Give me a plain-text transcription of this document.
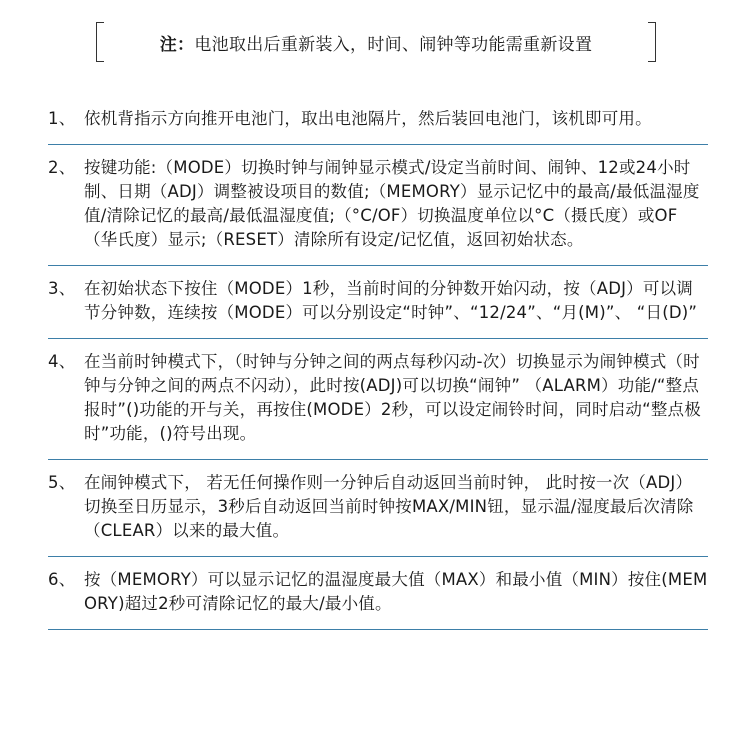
注：电池取出后重新装入，时间、闹钟等功能需重新设置
1、 依机背指示方向推开电池门，取出电池隔片，然后装回电池门，该机即可用。
2、 按键功能:（MODE）切换时钟与闹钟显示模式/设定当前时间、闹钟、12或24小时制、日期（ADJ）调整被设项目的数值;（MEMORY）显示记忆中的最高/最低温湿度值/清除记忆的最高/最低温湿度值;（°C/OF）切换温度单位以°C（摄氏度）或OF（华氏度）显示;（RESET）清除所有设定/记忆值，返回初始状态。
3、 在初始状态下按住（MODE）1秒，当前时间的分钟数开始闪动，按（ADJ）可以调节分钟数，连续按（MODE）可以分别设定“时钟”、“12/24”、“月(M)”、 “日(D)”
4、 在当前时钟模式下，（时钟与分钟之间的两点每秒闪动-次）切换显示为闹钟模式（时钟与分钟之间的两点不闪动），此时按(ADJ)可以切换“闹钟” （ALARM）功能/“整点报时”()功能的开与关，再按住(MODE）2秒，可以设定闹铃时间，同时启动“整点极时”功能，()符号出现。
5、 在闹钟模式下， 若无任何操作则一分钟后自动返回当前时钟， 此时按一次（ADJ）切换至日历显示，3秒后自动返回当前时钟按MAX/MIN钮，显示温/湿度最后次清除（CLEAR）以来的最大值。
6、 按（MEMORY）可以显示记忆的温湿度最大值（MAX）和最小值（MIN）按住(MEMORY)超过2秒可清除记忆的最大/最小值。
